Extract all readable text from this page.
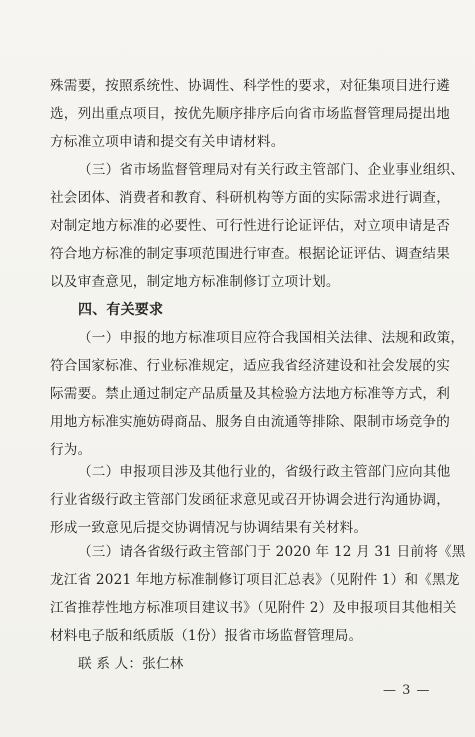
殊需要，按照系统性、协调性、科学性的要求，对征集项目进行遴
选，列出重点项目，按优先顺序排序后向省市场监督管理局提出地
方标准立项申请和提交有关申请材料。
（三）省市场监督管理局对有关行政主管部门、企业事业组织、
社会团体、消费者和教育、科研机构等方面的实际需求进行调查，
对制定地方标准的必要性、可行性进行论证评估，对立项申请是否
符合地方标准的制定事项范围进行审查。根据论证评估、调查结果
以及审查意见，制定地方标准制修订立项计划。
四、有关要求
（一）申报的地方标准项目应符合我国相关法律、法规和政策，
符合国家标准、行业标准规定，适应我省经济建设和社会发展的实
际需要。禁止通过制定产品质量及其检验方法地方标准等方式，利
用地方标准实施妨碍商品、服务自由流通等排除、限制市场竞争的
行为。
（二）申报项目涉及其他行业的，省级行政主管部门应向其他
行业省级行政主管部门发函征求意见或召开协调会进行沟通协调，
形成一致意见后提交协调情况与协调结果有关材料。
（三）请各省级行政主管部门于 2020 年 12 月 31 日前将《黑
龙江省 2021 年地方标准制修订项目汇总表》（见附件 1）和《黑龙
江省推荐性地方标准项目建议书》（见附件 2）及申报项目其他相关
材料电子版和纸质版（1份）报省市场监督管理局。
联 系 人：张仁林
— 3 —
